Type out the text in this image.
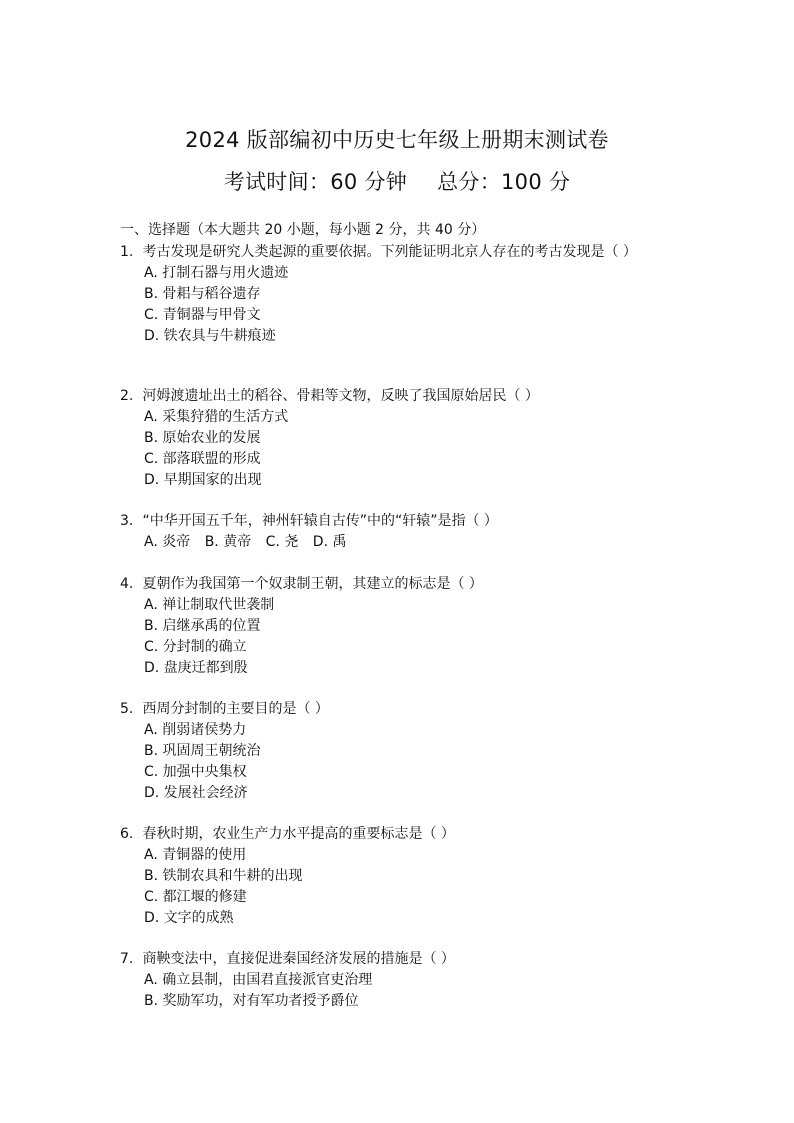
2024 版部编初中历史七年级上册期末测试卷
考试时间：60 分钟 总分：100 分
一、选择题（本大题共 20 小题，每小题 2 分，共 40 分）

1. 考古发现是研究人类起源的重要依据。下列能证明北京人存在的考古发现是（ ）

A. 打制石器与用火遗迹

B. 骨耜与稻谷遗存

C. 青铜器与甲骨文

D. 铁农具与牛耕痕迹

2. 河姆渡遗址出土的稻谷、骨耜等文物，反映了我国原始居民（ ）

A. 采集狩猎的生活方式

B. 原始农业的发展

C. 部落联盟的形成

D. 早期国家的出现

3. “中华开国五千年，神州轩辕自古传”中的“轩辕”是指（ ）

A. 炎帝 B. 黄帝 C. 尧 D. 禹

4. 夏朝作为我国第一个奴隶制王朝，其建立的标志是（ ）

A. 禅让制取代世袭制

B. 启继承禹的位置

C. 分封制的确立

D. 盘庚迁都到殷

5. 西周分封制的主要目的是（ ）

A. 削弱诸侯势力

B. 巩固周王朝统治

C. 加强中央集权

D. 发展社会经济

6. 春秋时期，农业生产力水平提高的重要标志是（ ）

A. 青铜器的使用

B. 铁制农具和牛耕的出现

C. 都江堰的修建

D. 文字的成熟

7. 商鞅变法中，直接促进秦国经济发展的措施是（ ）

A. 确立县制，由国君直接派官吏治理

B. 奖励军功，对有军功者授予爵位
